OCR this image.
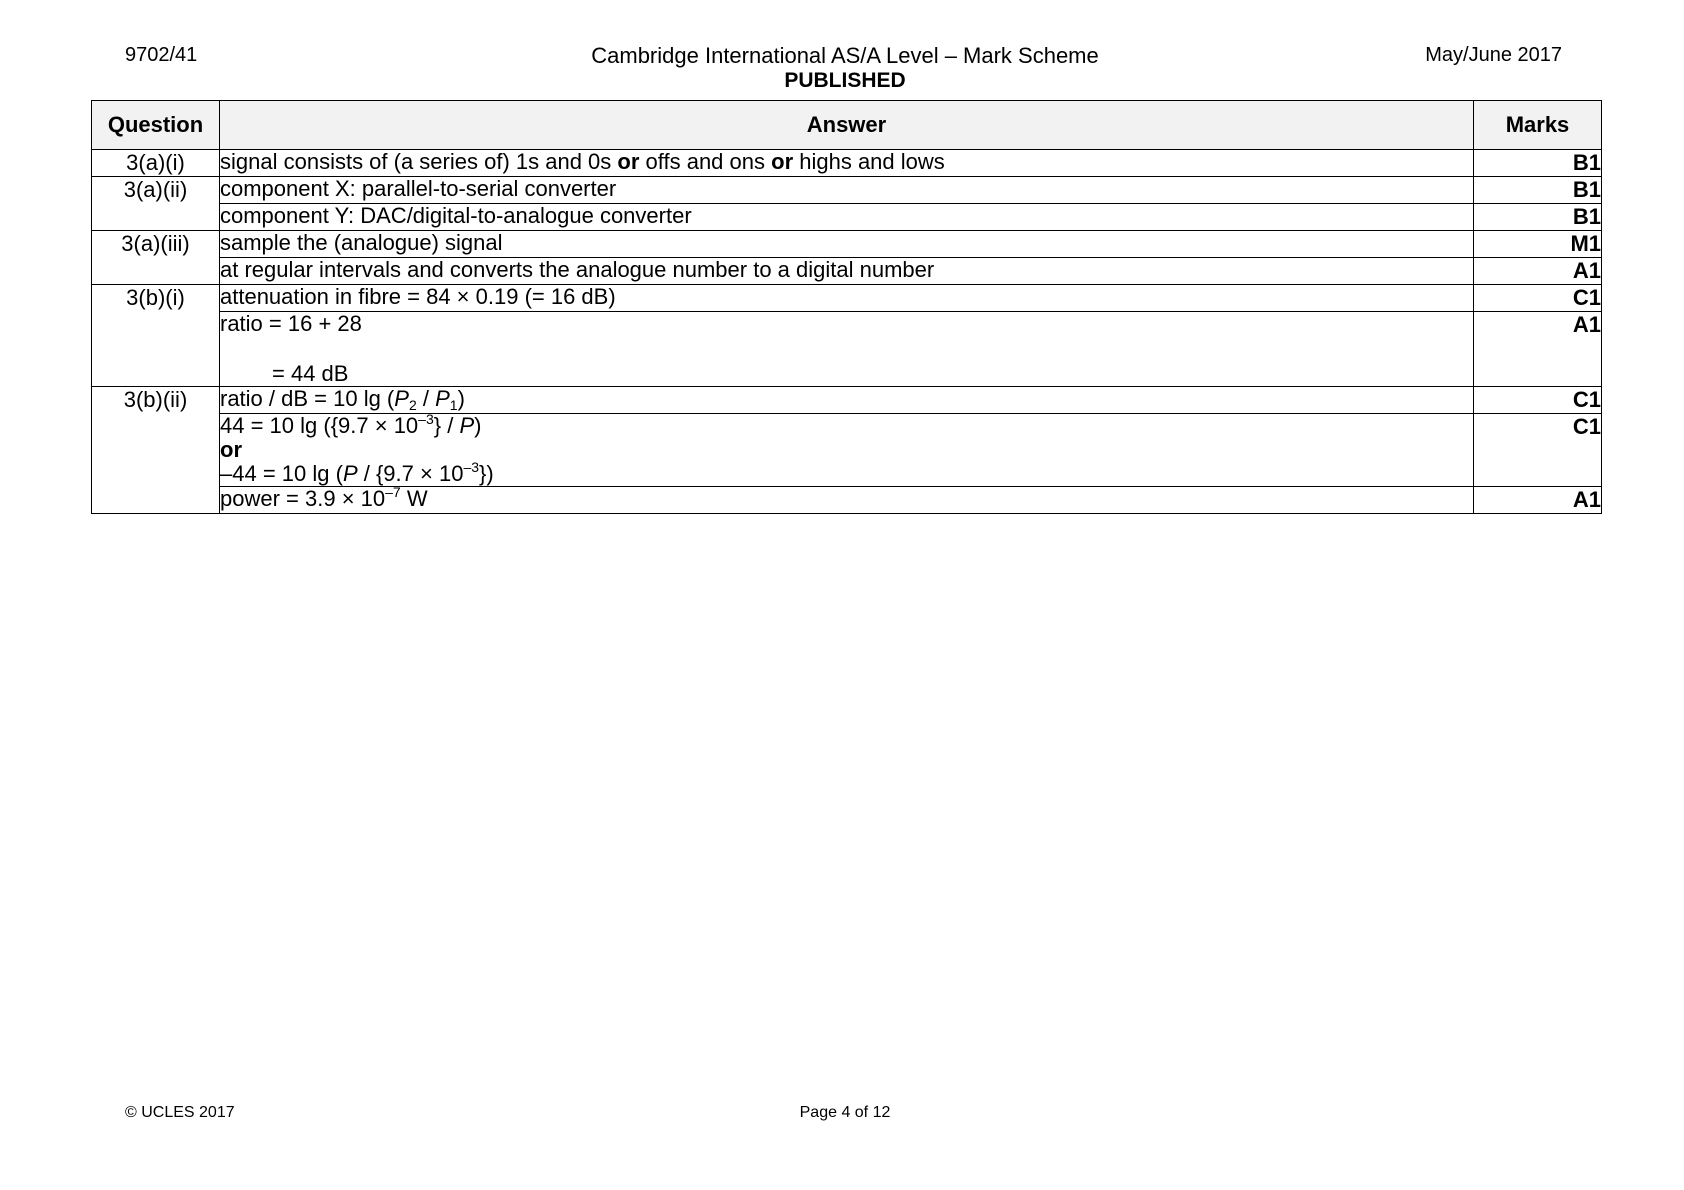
9702/41	Cambridge International AS/A Level – Mark Scheme
PUBLISHED
May/June 2017
Question	Answer	Marks
3(a)(i)	signal consists of (a series of) 1s and 0s or offs and ons or highs and lows	B1
3(a)(ii)	component X: parallel-to-serial converter	B1

	component Y: DAC/digital-to-analogue converter	B1
3(a)(iii)	sample the (analogue) signal	M1

	at regular intervals and converts the analogue number to a digital number	A1
3(b)(i)	attenuation in fibre = 84 × 0.19 (= 16 dB)	C1

	ratio = 16 + 28
= 44 dB	A1
3(b)(ii)	ratio / dB = 10 $\lg (P_2 / P_1)$	C1

	44 = 10 $\lg (\{9.7 \times 10^{-3}\} / P)$
or
–44 = 10 $\lg (P / \{9.7 \times 10^{-3}\})$	C1

	power = $3.9 \times 10^{-7}$ W	A1
© UCLES 2017	Page 4 of 12
